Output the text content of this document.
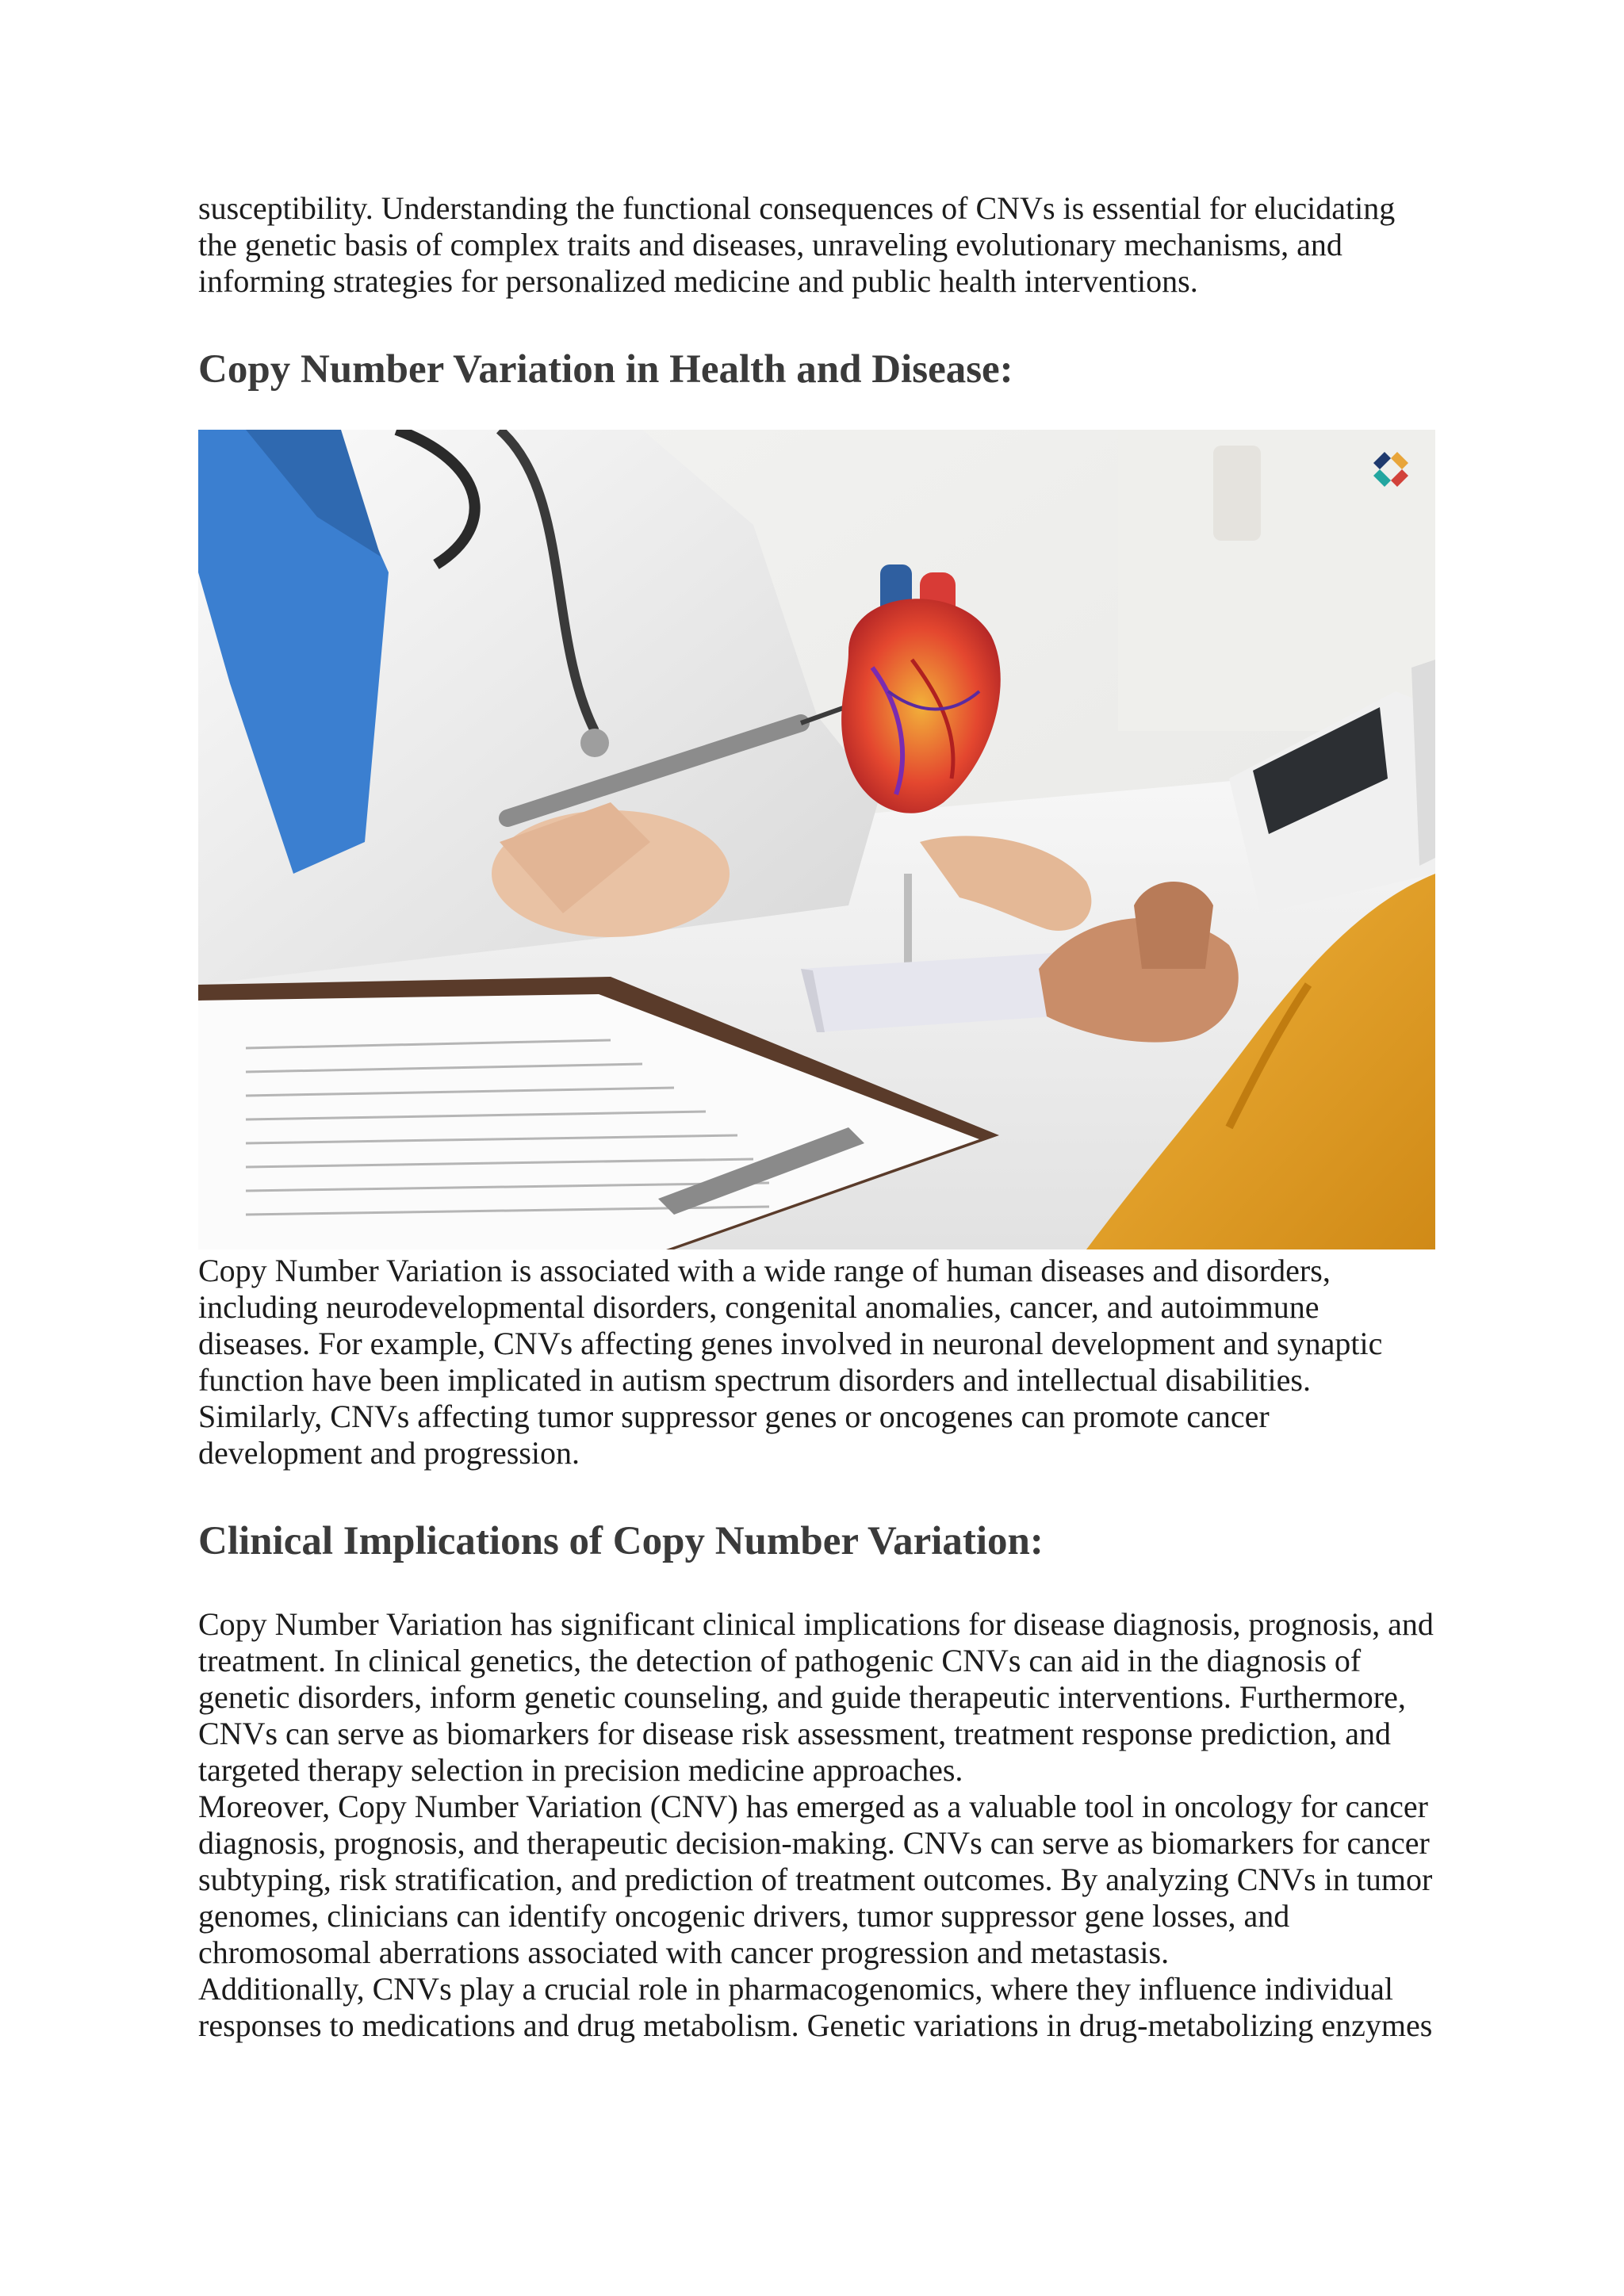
susceptibility. Understanding the functional consequences of CNVs is essential for elucidating the genetic basis of complex traits and diseases, unraveling evolutionary mechanisms, and informing strategies for personalized medicine and public health interventions.

Copy Number Variation in Health and Disease:

Copy Number Variation is associated with a wide range of human diseases and disorders, including neurodevelopmental disorders, congenital anomalies, cancer, and autoimmune diseases. For example, CNVs affecting genes involved in neuronal development and synaptic function have been implicated in autism spectrum disorders and intellectual disabilities. Similarly, CNVs affecting tumor suppressor genes or oncogenes can promote cancer development and progression.

Clinical Implications of Copy Number Variation:

Copy Number Variation has significant clinical implications for disease diagnosis, prognosis, and treatment. In clinical genetics, the detection of pathogenic CNVs can aid in the diagnosis of genetic disorders, inform genetic counseling, and guide therapeutic interventions. Furthermore, CNVs can serve as biomarkers for disease risk assessment, treatment response prediction, and targeted therapy selection in precision medicine approaches.

Moreover, Copy Number Variation (CNV) has emerged as a valuable tool in oncology for cancer diagnosis, prognosis, and therapeutic decision-making. CNVs can serve as biomarkers for cancer subtyping, risk stratification, and prediction of treatment outcomes. By analyzing CNVs in tumor genomes, clinicians can identify oncogenic drivers, tumor suppressor gene losses, and chromosomal aberrations associated with cancer progression and metastasis.

Additionally, CNVs play a crucial role in pharmacogenomics, where they influence individual responses to medications and drug metabolism. Genetic variations in drug-metabolizing enzymes
